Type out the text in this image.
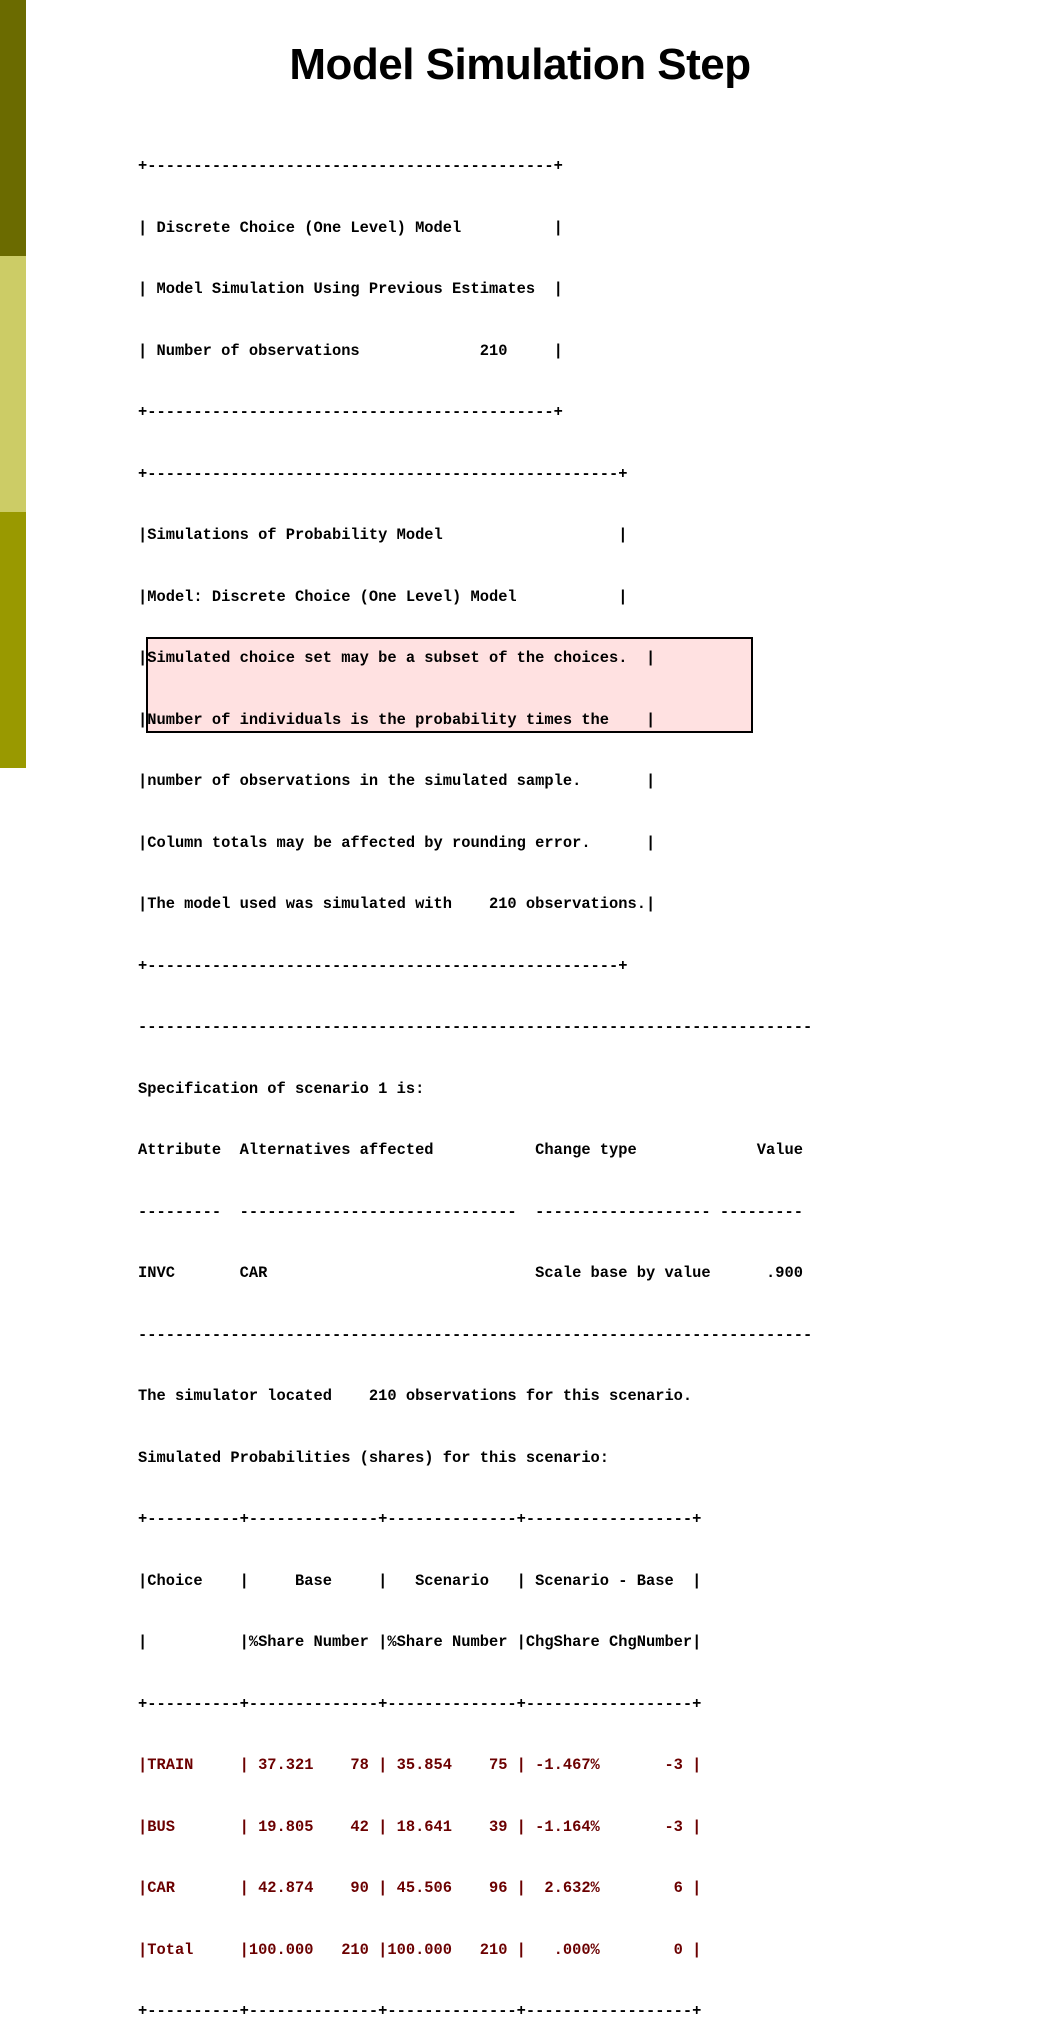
Model Simulation Step

+--------------------------------------------+

| Discrete Choice (One Level) Model          |

| Model Simulation Using Previous Estimates  |

| Number of observations             210     |

+--------------------------------------------+

+---------------------------------------------------+

|Simulations of Probability Model                   |

|Model: Discrete Choice (One Level) Model           |

|Simulated choice set may be a subset of the choices.  |

|Number of individuals is the probability times the    |

|number of observations in the simulated sample.       |

|Column totals may be affected by rounding error.      |

|The model used was simulated with    210 observations.|

+---------------------------------------------------+

-------------------------------------------------------------------------

Specification of scenario 1 is:

Attribute  Alternatives affected           Change type             Value

---------  ------------------------------  ------------------- ---------

INVC       CAR                             Scale base by value      .900

-------------------------------------------------------------------------

The simulator located    210 observations for this scenario.

Simulated Probabilities (shares) for this scenario:

+----------+--------------+--------------+------------------+

|Choice    |     Base     |   Scenario   | Scenario - Base  |

|          |%Share Number |%Share Number |ChgShare ChgNumber|

+----------+--------------+--------------+------------------+

|TRAIN     | 37.321    78 | 35.854    75 | -1.467%       -3 |

|BUS       | 19.805    42 | 18.641    39 | -1.164%       -3 |

|CAR       | 42.874    90 | 45.506    96 |  2.632%        6 |

|Total     |100.000   210 |100.000   210 |   .000%        0 |

+----------+--------------+--------------+------------------+
